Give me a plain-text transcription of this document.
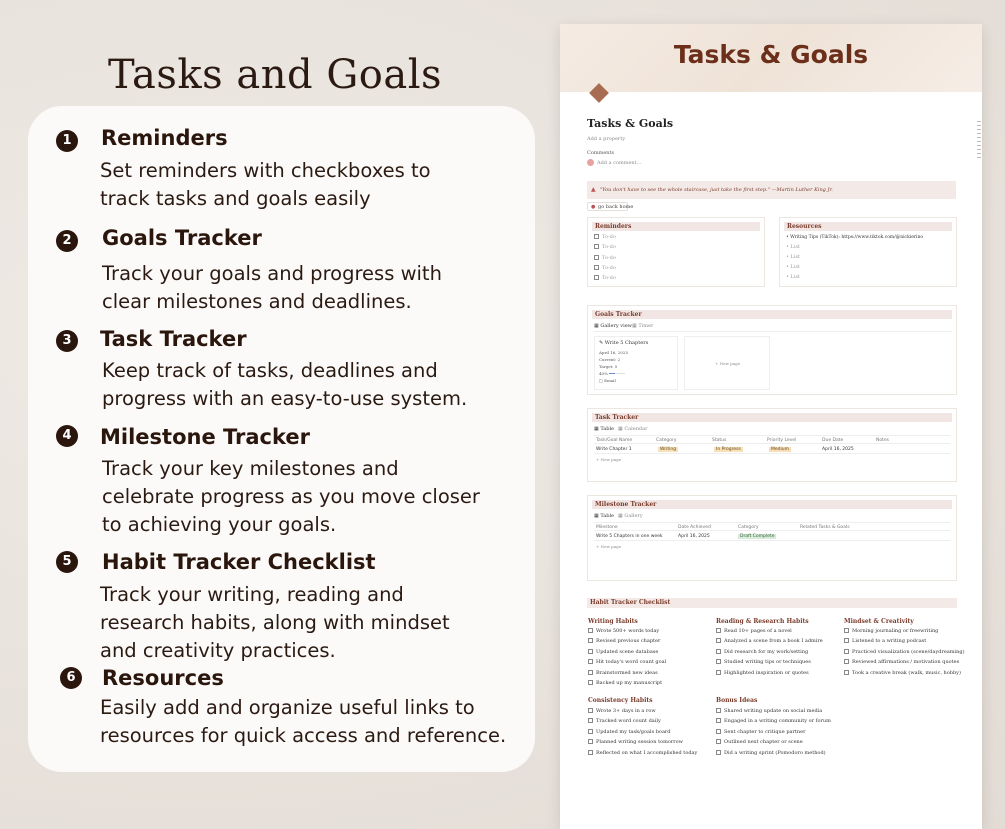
Tasks and Goals
1	Reminders
Set reminders with checkboxes to
track tasks and goals easily
2	Goals Tracker
Track your goals and progress with
clear milestones and deadlines.
3	Task Tracker
Keep track of tasks, deadlines and
progress with an easy-to-use system.
4	Milestone Tracker
Track your key milestones and
celebrate progress as you move closer
to achieving your goals.
5	Habit Tracker Checklist
Track your writing, reading and
research habits, along with mindset
and creativity practices.
6	Resources
Easily add and organize useful links to
resources for quick access and reference.
Tasks & Goals
Tasks & Goals
Add a property
Comments
Add a comment...
▲ "You don't have to see the whole staircase, just take the first step." —Martin Luther King Jr.
● go back home
Reminders
To-do
To-do
To-do
To-do
To-do
Resources
• Writing Tips (TikTok): https://www.tiktok.com/@nickierino
• List
• List
• List
• List
Goals Tracker
▦ Gallery view ▦ Timer
✎ Write 5 Chapters
April 16, 2025
Current: 2
Target: 5
40%
□ Email
+ New page
Task Tracker
▦ Table ▦ Calendar
Task/Goal Name	Category	Status	Priority Level	Due Date	Notes
Write Chapter 1	Writing	In Progress	Medium	April 16, 2025
+ New page
Milestone Tracker
▦ Table ▦ Gallery
Milestone	Date Achieved	Category	Related Tasks & Goals
Write 5 Chapters in one week	April 16, 2025	Draft Complete
+ New page
Habit Tracker Checklist
Writing Habits
Wrote 500+ words today
Revised previous chapter
Updated scene database
Hit today's word count goal
Brainstormed new ideas
Backed up my manuscript
Consistency Habits
Wrote 3+ days in a row
Tracked word count daily
Updated my task/goals board
Planned writing session tomorrow
Reflected on what I accomplished today
Reading & Research Habits
Read 10+ pages of a novel
Analyzed a scene from a book I admire
Did research for my work/setting
Studied writing tips or techniques
Highlighted inspiration or quotes
Bonus Ideas
Shared writing update on social media
Engaged in a writing community or forum
Sent chapter to critique partner
Outlined next chapter or scene
Did a writing sprint (Pomodoro method)
Mindset & Creativity
Morning journaling or freewriting
Listened to a writing podcast
Practiced visualization (scene/daydreaming)
Reviewed affirmations / motivation quotes
Took a creative break (walk, music, hobby)
